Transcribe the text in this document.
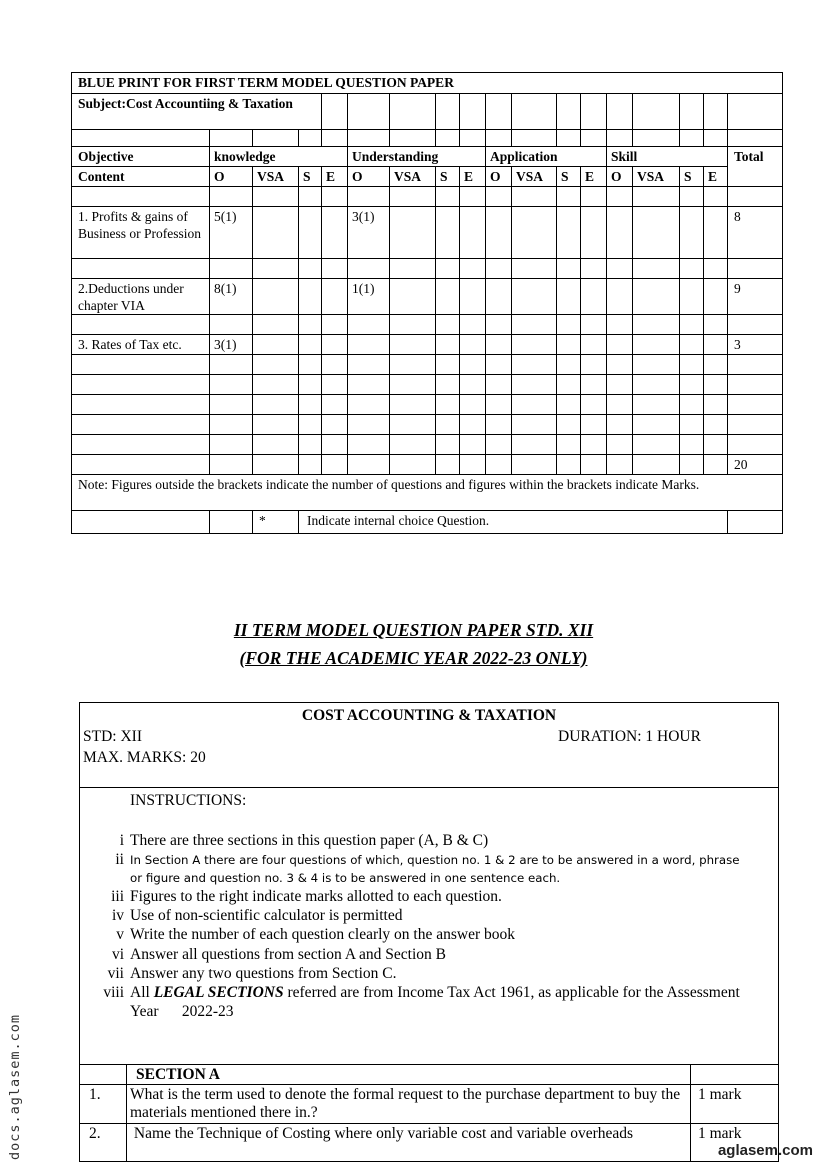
BLUE PRINT FOR FIRST TERM MODEL QUESTION PAPER																		
Subject:Cost Accountiing & Taxation																		

Objective	knowledge				Understanding				Application				Skill				Total	
Content	O	VSA	S	E	O	VSA	S	E	O	VSA	S	E	O	VSA	S	E		

1. Profits & gains of Business or Profession	5(1)				3(1)												8	

2.Deductions under chapter VIA	8(1)				1(1)												9	

3. Rates of Tax etc.	3(1)																3	

																	20	
Note: Figures outside the brackets indicate the number of questions and figures within the brackets indicate Marks.																		
		*	Indicate internal choice Question.															
II TERM MODEL QUESTION PAPER STD. XII
(FOR THE ACADEMIC YEAR 2022-23 ONLY)
COST ACCOUNTING & TAXATION
STD: XII	DURATION: 1 HOUR
MAX. MARKS: 20
INSTRUCTIONS:
i There are three sections in this question paper (A, B & C)
ii In Section A there are four questions of which, question no. 1 & 2 are to be answered in a word, phrase
or figure and question no. 3 & 4 is to be answered in one sentence each.
iii Figures to the right indicate marks allotted to each question.
iv Use of non-scientific calculator is permitted
v Write the number of each question clearly on the answer book
vi Answer all questions from section A and Section B
vii Answer any two questions from Section C.
viii All LEGAL SECTIONS referred are from Income Tax Act 1961, as applicable for the Assessment
Year      2022-23
SECTION A
1. What is the term used to denote the formal request to the purchase department to buy the materials mentioned there in.?
1 mark
2. Name the Technique of Costing where only variable cost and variable overheads	1 mark
docs.aglasem.com	aglasem.com
